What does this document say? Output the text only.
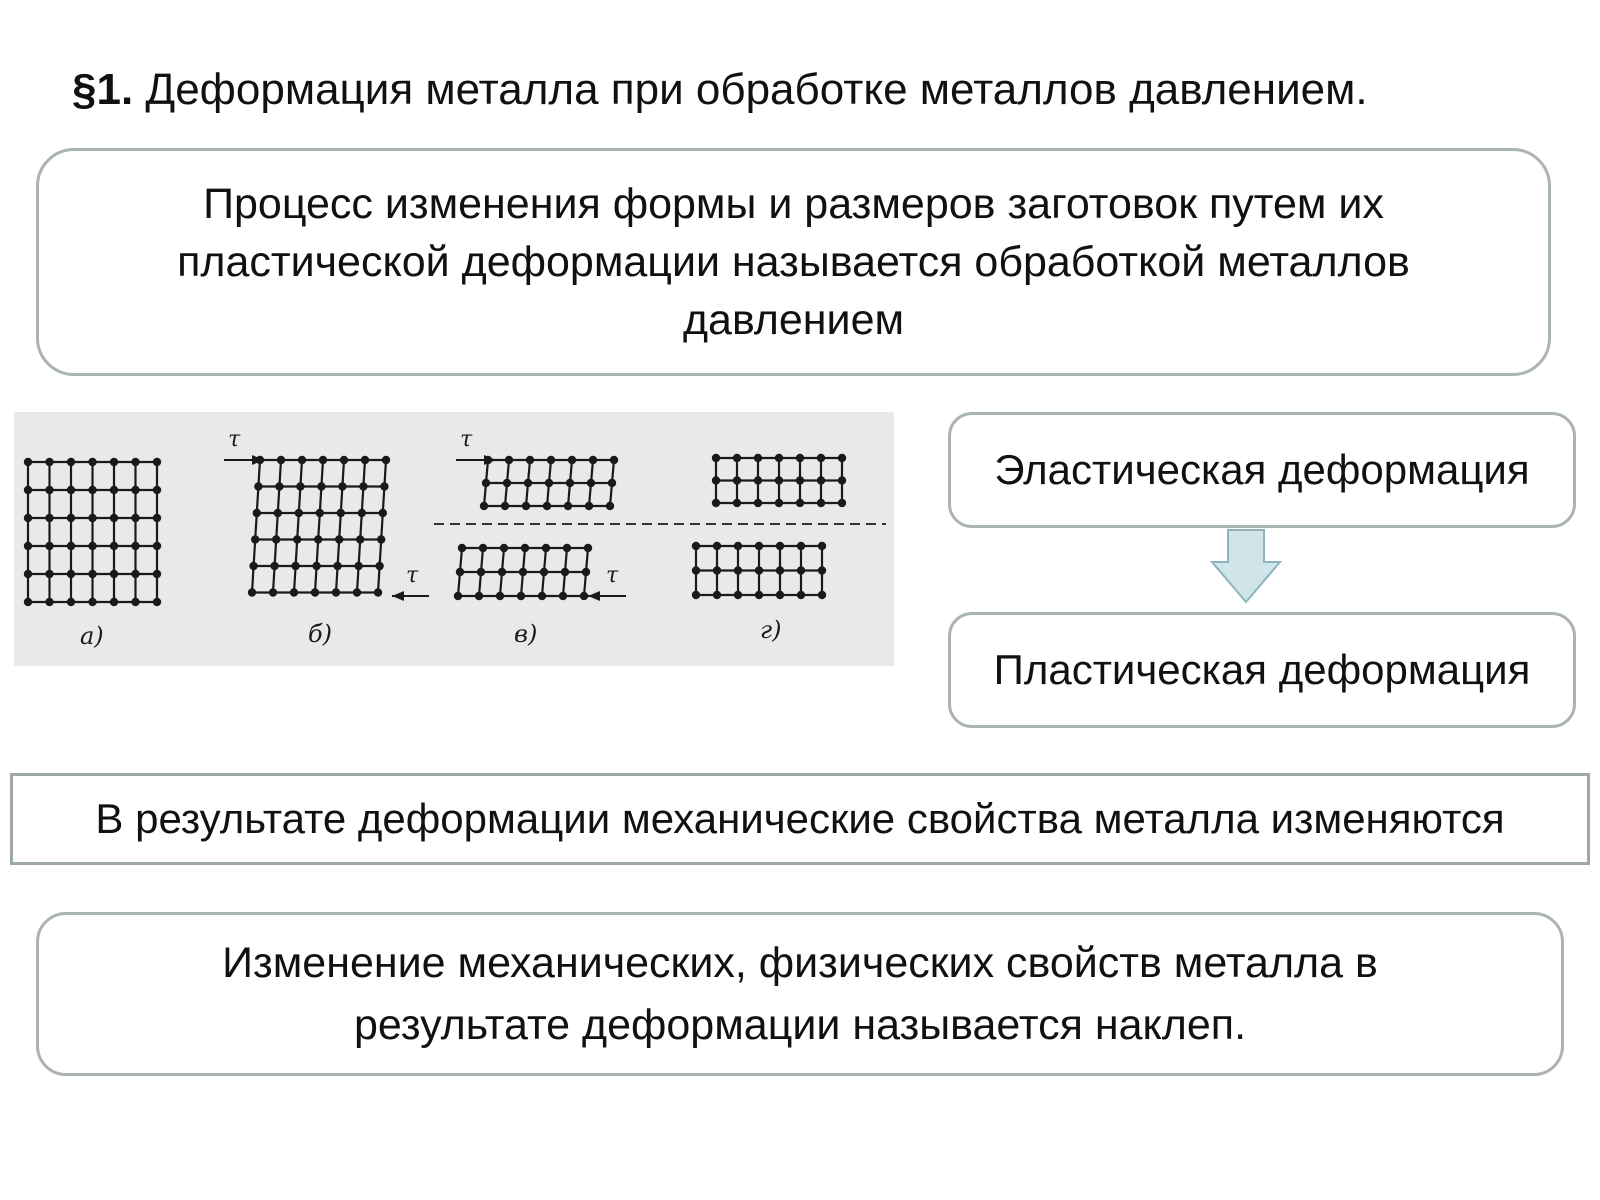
§1. Деформация металла при обработке металлов давлением.
Процесс изменения формы и размеров заготовок путем их
пластической деформации называется обработкой металлов
давлением
τ
τ
τ
τ
а)	б)	в)	г)
Эластическая деформация
Пластическая деформация
В результате деформации механические свойства металла изменяются
Изменение механических, физических свойств металла в
результате деформации называется наклеп.
